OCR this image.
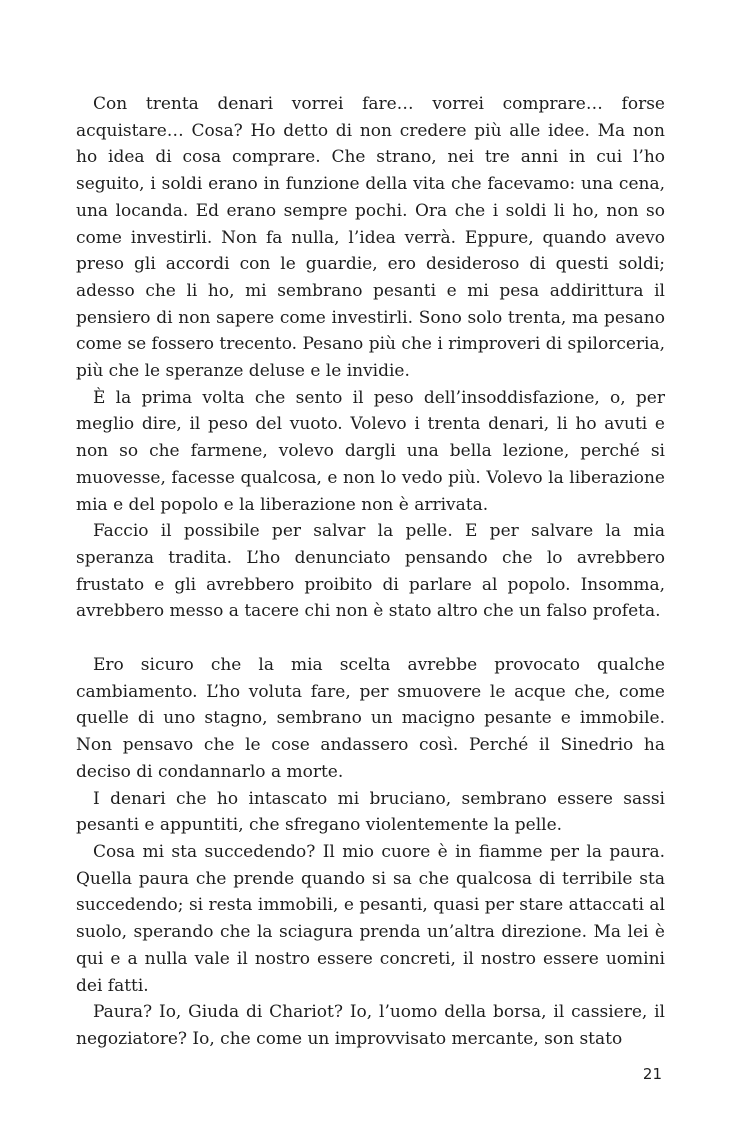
Con trenta denari vorrei fare… vorrei comprare… forse acquistare… Cosa? Ho detto di non credere più alle idee. Ma non ho idea di cosa comprare. Che strano, nei tre anni in cui l’ho seguito, i soldi erano in funzione della vita che facevamo: una cena, una locanda. Ed erano sempre pochi. Ora che i soldi li ho, non so come investirli. Non fa nulla, l’idea verrà. Eppure, quando avevo preso gli accordi con le guardie, ero desideroso di questi soldi; adesso che li ho, mi sembrano pesanti e mi pesa addirittura il pensiero di non sapere come investirli. Sono solo trenta, ma pesano come se fossero trecento. Pesano più che i rimproveri di spilorceria, più che le speranze deluse e le invidie.

È la prima volta che sento il peso dell’insoddisfazione, o, per meglio dire, il peso del vuoto. Volevo i trenta denari, li ho avuti e non so che farmene, volevo dargli una bella lezione, perché si muovesse, facesse qualcosa, e non lo vedo più. Volevo la liberazione mia e del popolo e la liberazione non è arrivata.

Faccio il possibile per salvar la pelle. E per salvare la mia speranza tradita. L’ho denunciato pensando che lo avrebbero frustato e gli avrebbero proibito di parlare al popolo. Insomma, avrebbero messo a tacere chi non è stato altro che un falso profeta.

Ero sicuro che la mia scelta avrebbe provocato qualche cambiamento. L’ho voluta fare, per smuovere le acque che, come quelle di uno stagno, sembrano un macigno pesante e immobile. Non pensavo che le cose andassero così. Perché il Sinedrio ha deciso di condannarlo a morte.

I denari che ho intascato mi bruciano, sembrano essere sassi pesanti e appuntiti, che sfregano violentemente la pelle.

Cosa mi sta succedendo? Il mio cuore è in fiamme per la paura. Quella paura che prende quando si sa che qualcosa di terribile sta succedendo; si resta immobili, e pesanti, quasi per stare attaccati al suolo, sperando che la sciagura prenda un’altra direzione. Ma lei è qui e a nulla vale il nostro essere concreti, il nostro essere uomini dei fatti.

Paura? Io, Giuda di Chariot? Io, l’uomo della borsa, il cassiere, il negoziatore? Io, che come un improvvisato mercante, son stato

21
